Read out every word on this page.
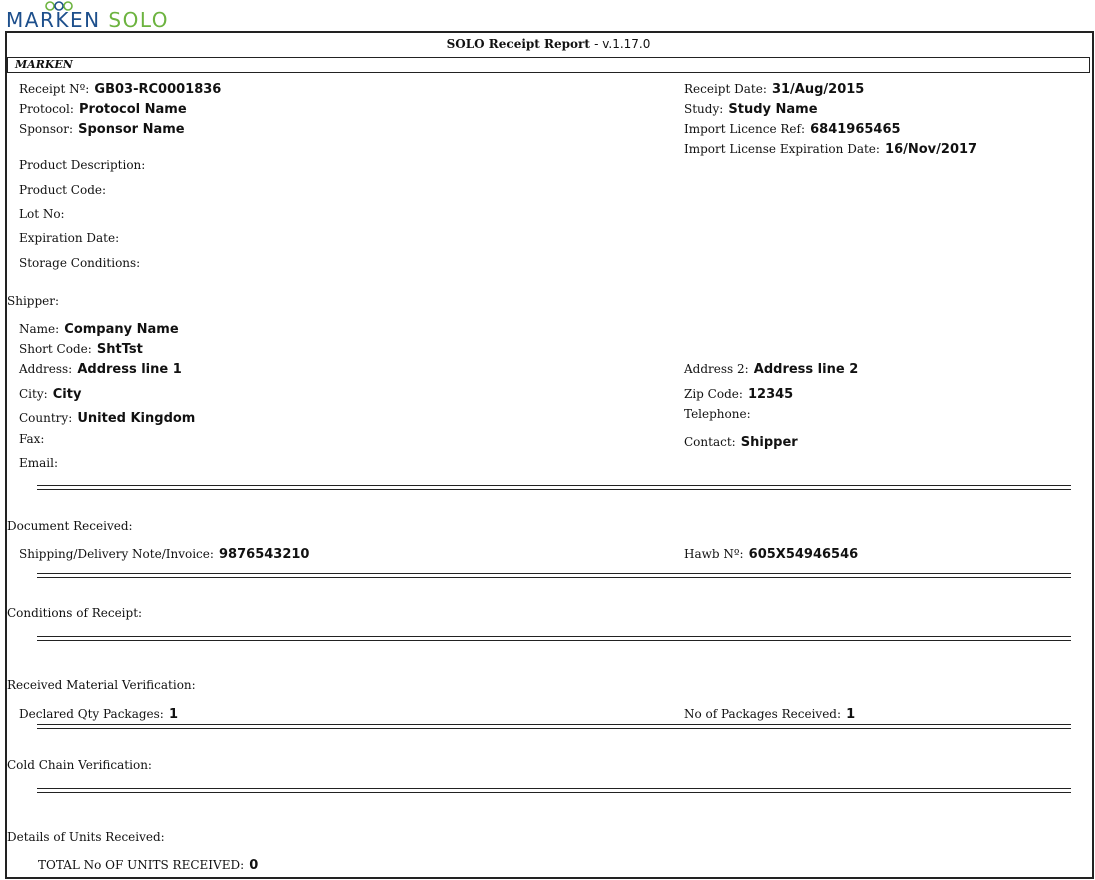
MARKEN SOLO
SOLO Receipt Report - v.1.17.0
MARKEN
Receipt Nº: GB03-RC0001836
Protocol: Protocol Name
Sponsor: Sponsor Name
Receipt Date: 31/Aug/2015
Study: Study Name
Import Licence Ref: 6841965465
Import License Expiration Date: 16/Nov/2017
Product Description:
Product Code:
Lot No:
Expiration Date:
Storage Conditions:
Shipper:
Name: Company Name
Short Code: ShtTst
Address: Address line 1
City: City
Country: United Kingdom
Fax:
Email:
Address 2: Address line 2
Zip Code: 12345
Telephone:
Contact: Shipper
Document Received:
Shipping/Delivery Note/Invoice: 9876543210	Hawb Nº: 605X54946546
Conditions of Receipt:
Received Material Verification:
Declared Qty Packages: 1	No of Packages Received: 1
Cold Chain Verification:
Details of Units Received:
TOTAL No OF UNITS RECEIVED: 0
